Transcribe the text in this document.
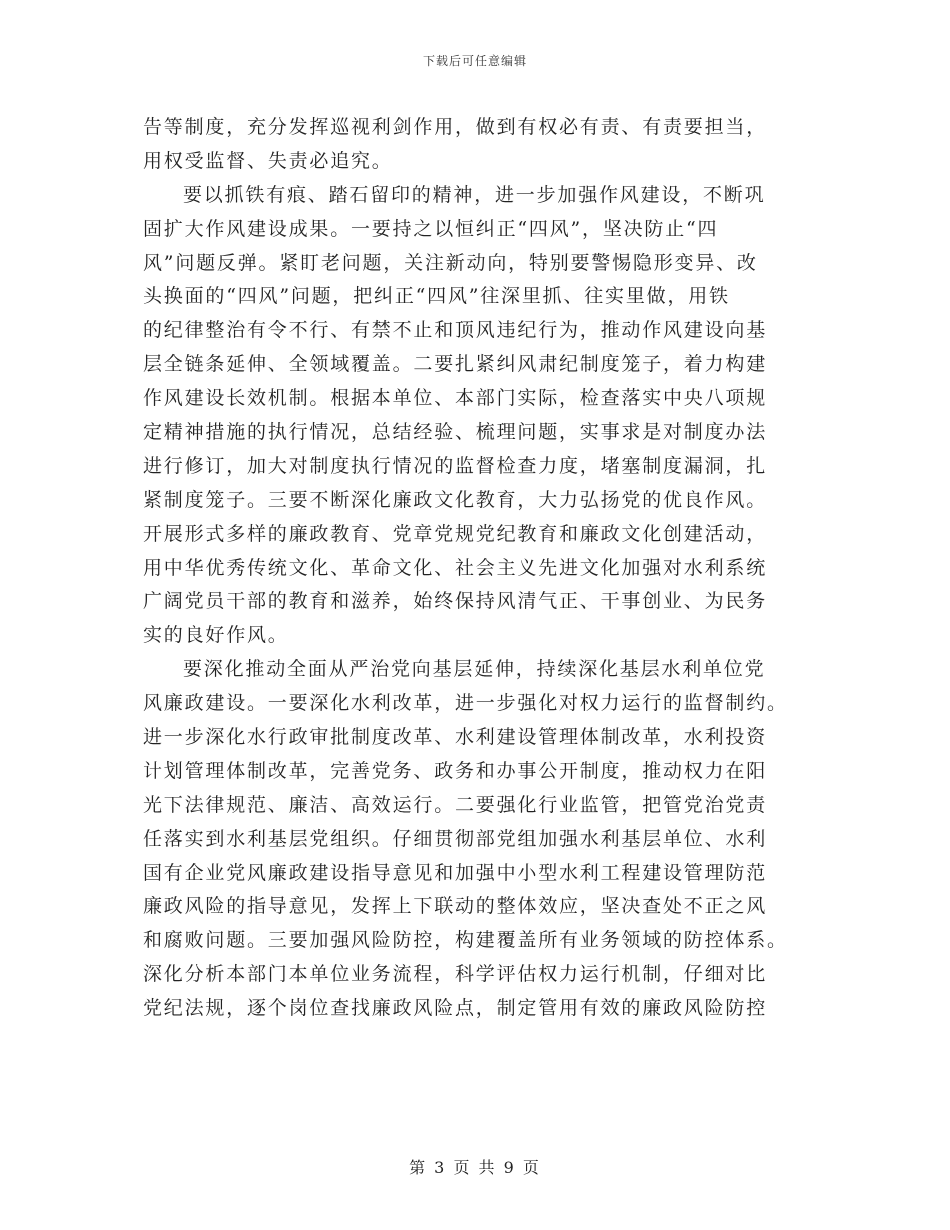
下载后可任意编辑
告等制度，充分发挥巡视利剑作用，做到有权必有责、有责要担当，
用权受监督、失责必追究。
要以抓铁有痕、踏石留印的精神，进一步加强作风建设，不断巩
固扩大作风建设成果。一要持之以恒纠正“四风”，坚决防止“四
风”问题反弹。紧盯老问题，关注新动向，特别要警惕隐形变异、改
头换面的“四风”问题，把纠正“四风”往深里抓、往实里做，用铁
的纪律整治有令不行、有禁不止和顶风违纪行为，推动作风建设向基
层全链条延伸、全领域覆盖。二要扎紧纠风肃纪制度笼子，着力构建
作风建设长效机制。根据本单位、本部门实际，检查落实中央八项规
定精神措施的执行情况，总结经验、梳理问题，实事求是对制度办法
进行修订，加大对制度执行情况的监督检查力度，堵塞制度漏洞，扎
紧制度笼子。三要不断深化廉政文化教育，大力弘扬党的优良作风。
开展形式多样的廉政教育、党章党规党纪教育和廉政文化创建活动，
用中华优秀传统文化、革命文化、社会主义先进文化加强对水利系统
广阔党员干部的教育和滋养，始终保持风清气正、干事创业、为民务
实的良好作风。
要深化推动全面从严治党向基层延伸，持续深化基层水利单位党
风廉政建设。一要深化水利改革，进一步强化对权力运行的监督制约。
进一步深化水行政审批制度改革、水利建设管理体制改革，水利投资
计划管理体制改革，完善党务、政务和办事公开制度，推动权力在阳
光下法律规范、廉洁、高效运行。二要强化行业监管，把管党治党责
任落实到水利基层党组织。仔细贯彻部党组加强水利基层单位、水利
国有企业党风廉政建设指导意见和加强中小型水利工程建设管理防范
廉政风险的指导意见，发挥上下联动的整体效应，坚决查处不正之风
和腐败问题。三要加强风险防控，构建覆盖所有业务领域的防控体系。
深化分析本部门本单位业务流程，科学评估权力运行机制，仔细对比
党纪法规，逐个岗位查找廉政风险点，制定管用有效的廉政风险防控
第 3 页 共 9 页
